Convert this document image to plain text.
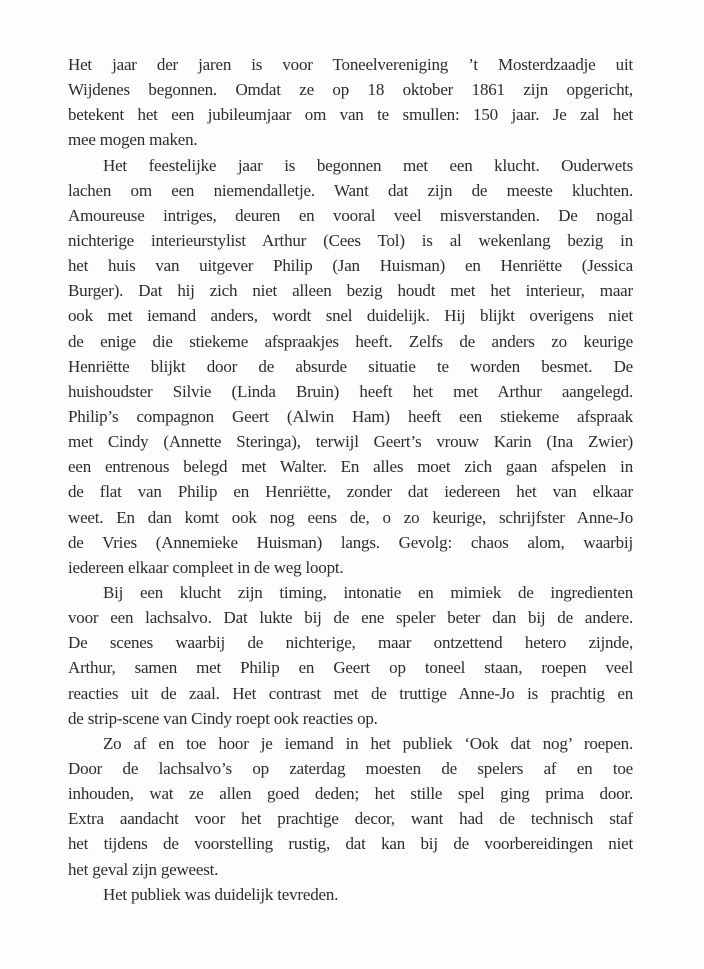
Het jaar der jaren is voor Toneelvereniging ’t Mosterdzaadje uit
Wijdenes begonnen. Omdat ze op 18 oktober 1861 zijn opgericht,
betekent het een jubileumjaar om van te smullen: 150 jaar. Je zal het
mee mogen maken.
Het feestelijke jaar is begonnen met een klucht. Ouderwets
lachen om een niemendalletje. Want dat zijn de meeste kluchten.
Amoureuse intriges, deuren en vooral veel misverstanden. De nogal
nichterige interieurstylist Arthur (Cees Tol) is al wekenlang bezig in
het huis van uitgever Philip (Jan Huisman) en Henriëtte (Jessica
Burger). Dat hij zich niet alleen bezig houdt met het interieur, maar
ook met iemand anders, wordt snel duidelijk. Hij blijkt overigens niet
de enige die stiekeme afspraakjes heeft. Zelfs de anders zo keurige
Henriëtte blijkt door de absurde situatie te worden besmet. De
huishoudster Silvie (Linda Bruin) heeft het met Arthur aangelegd.
Philip’s compagnon Geert (Alwin Ham) heeft een stiekeme afspraak
met Cindy (Annette Steringa), terwijl Geert’s vrouw Karin (Ina Zwier)
een entrenous belegd met Walter. En alles moet zich gaan afspelen in
de flat van Philip en Henriëtte, zonder dat iedereen het van elkaar
weet. En dan komt ook nog eens de, o zo keurige, schrijfster Anne-Jo
de Vries (Annemieke Huisman) langs. Gevolg: chaos alom, waarbij
iedereen elkaar compleet in de weg loopt.
Bij een klucht zijn timing, intonatie en mimiek de ingredienten
voor een lachsalvo. Dat lukte bij de ene speler beter dan bij de andere.
De scenes waarbij de nichterige, maar ontzettend hetero zijnde,
Arthur, samen met Philip en Geert op toneel staan, roepen veel
reacties uit de zaal. Het contrast met de truttige Anne-Jo is prachtig en
de strip-scene van Cindy roept ook reacties op.
Zo af en toe hoor je iemand in het publiek ‘Ook dat nog’ roepen.
Door de lachsalvo’s op zaterdag moesten de spelers af en toe
inhouden, wat ze allen goed deden; het stille spel ging prima door.
Extra aandacht voor het prachtige decor, want had de technisch staf
het tijdens de voorstelling rustig, dat kan bij de voorbereidingen niet
het geval zijn geweest.
Het publiek was duidelijk tevreden.
